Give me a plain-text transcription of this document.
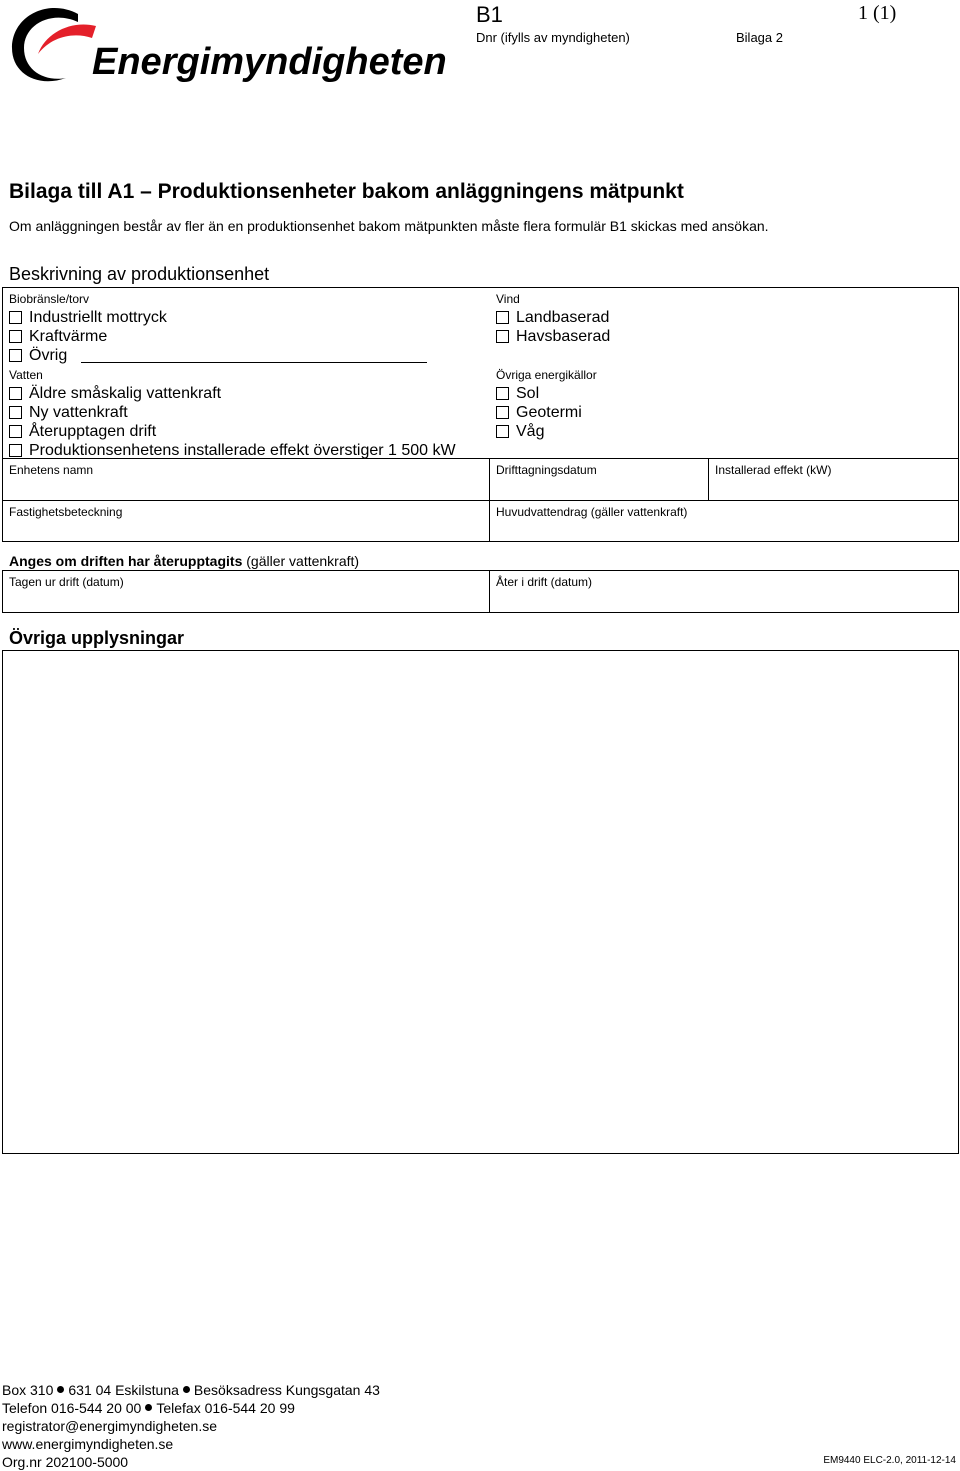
Energimyndigheten
B1	1 (1)
Dnr (ifylls av myndigheten)	Bilaga 2
Bilaga till A1 – Produktionsenheter bakom anläggningens mätpunkt
Om anläggningen består av fler än en produktionsenhet bakom mätpunkten måste flera formulär B1 skickas med ansökan.
Beskrivning av produktionsenhet
Biobränsle/torv
Industriellt mottryck
Kraftvärme
Övrig
Vatten
Äldre småskalig vattenkraft
Ny vattenkraft
Återupptagen drift
Produktionsenhetens installerade effekt överstiger 1 500 kW
Vind
Landbaserad
Havsbaserad
Övriga energikällor
Sol
Geotermi
Våg
Enhetens namn	Drifttagningsdatum	Installerad effekt (kW)
Fastighetsbeteckning	Huvudvattendrag (gäller vattenkraft)
Anges om driften har återupptagits (gäller vattenkraft)
Tagen ur drift (datum)	Åter i drift (datum)
Övriga upplysningar
Box 310 631 04 Eskilstuna Besöksadress Kungsgatan 43
Telefon 016-544 20 00 Telefax 016-544 20 99
registrator@energimyndigheten.se
www.energimyndigheten.se
Org.nr 202100-5000	EM9440 ELC-2.0, 2011-12-14
